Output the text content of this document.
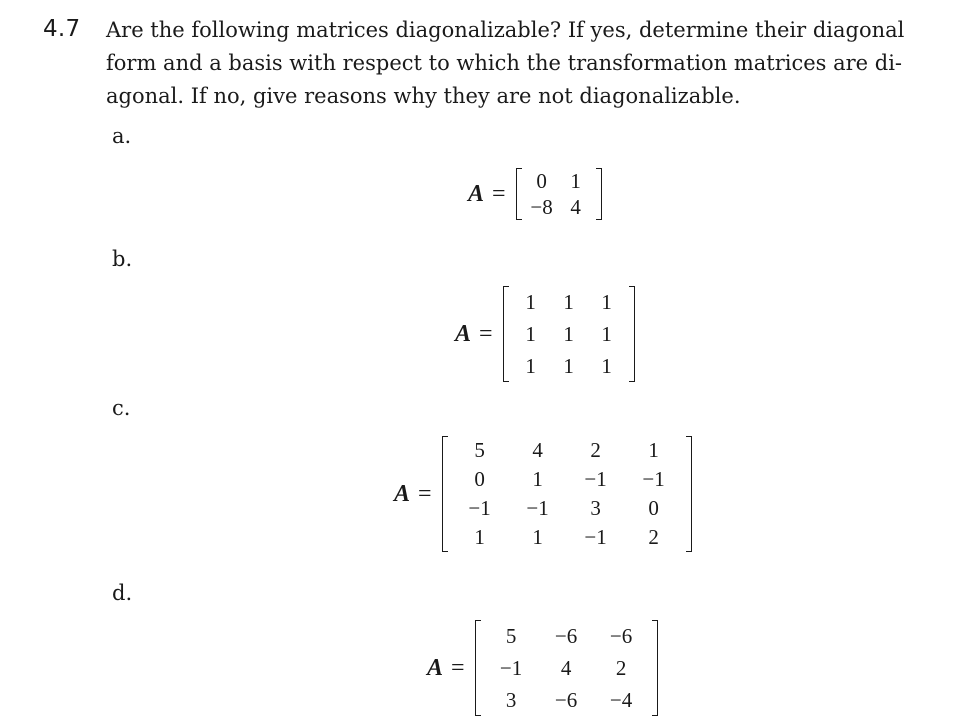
4.7 Are the following matrices diagonalizable? If yes, determine their diagonal
form and a basis with respect to which the transformation matrices are di-
agonal. If no, give reasons why they are not diagonalizable.
a.
A = 0	1
−8	4
b.
A =
1	1	1
1	1	1
1	1	1
c.
A =
5	4	2	1
0	1	−1	−1
−1	−1	3	0
1	1	−1	2
d.
A =
5	−6	−6
−1	4	2
3	−6	−4
